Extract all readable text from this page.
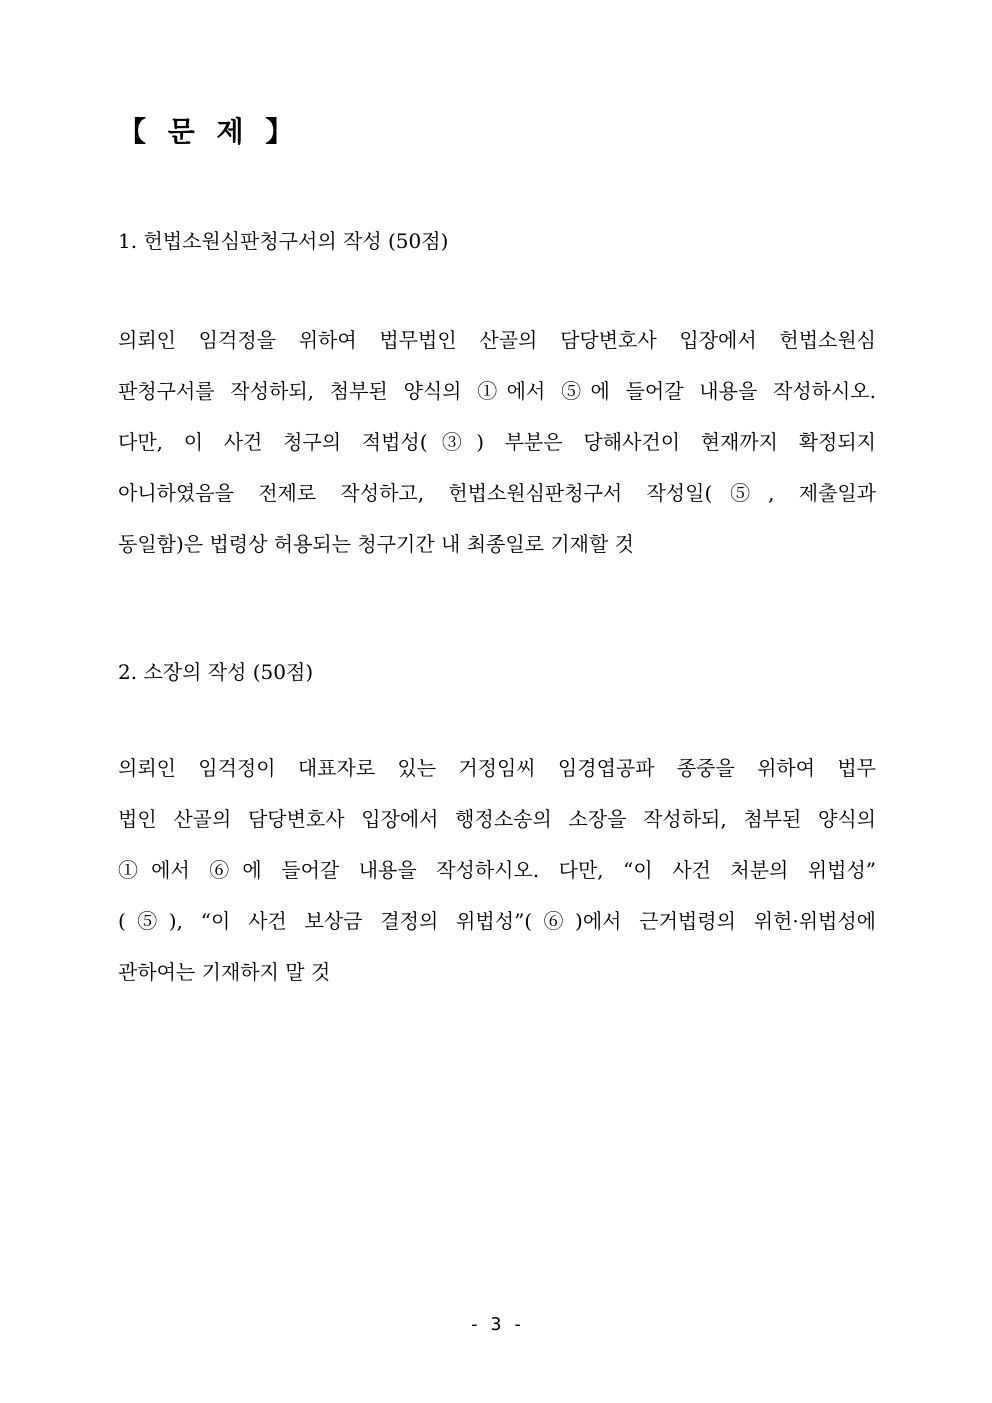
【 문 제 】
1. 헌법소원심판청구서의 작성 (50점)
의뢰인 임걱정을 위하여 법무법인 산골의 담당변호사 입장에서 헌법소원심
판청구서를 작성하되, 첨부된 양식의 ①에서 ⑤에 들어갈 내용을 작성하시오.
다만, 이 사건 청구의 적법성(③) 부분은 당해사건이 현재까지 확정되지
아니하였음을 전제로 작성하고, 헌법소원심판청구서 작성일(⑤, 제출일과
동일함)은 법령상 허용되는 청구기간 내 최종일로 기재할 것
2. 소장의 작성 (50점)
의뢰인 임걱정이 대표자로 있는 거정임씨 임경엽공파 종중을 위하여 법무
법인 산골의 담당변호사 입장에서 행정소송의 소장을 작성하되, 첨부된 양식의
①에서 ⑥에 들어갈 내용을 작성하시오. 다만, “이 사건 처분의 위법성”
(⑤), “이 사건 보상금 결정의 위법성”(⑥)에서 근거법령의 위헌·위법성에
관하여는 기재하지 말 것
- 3 -
